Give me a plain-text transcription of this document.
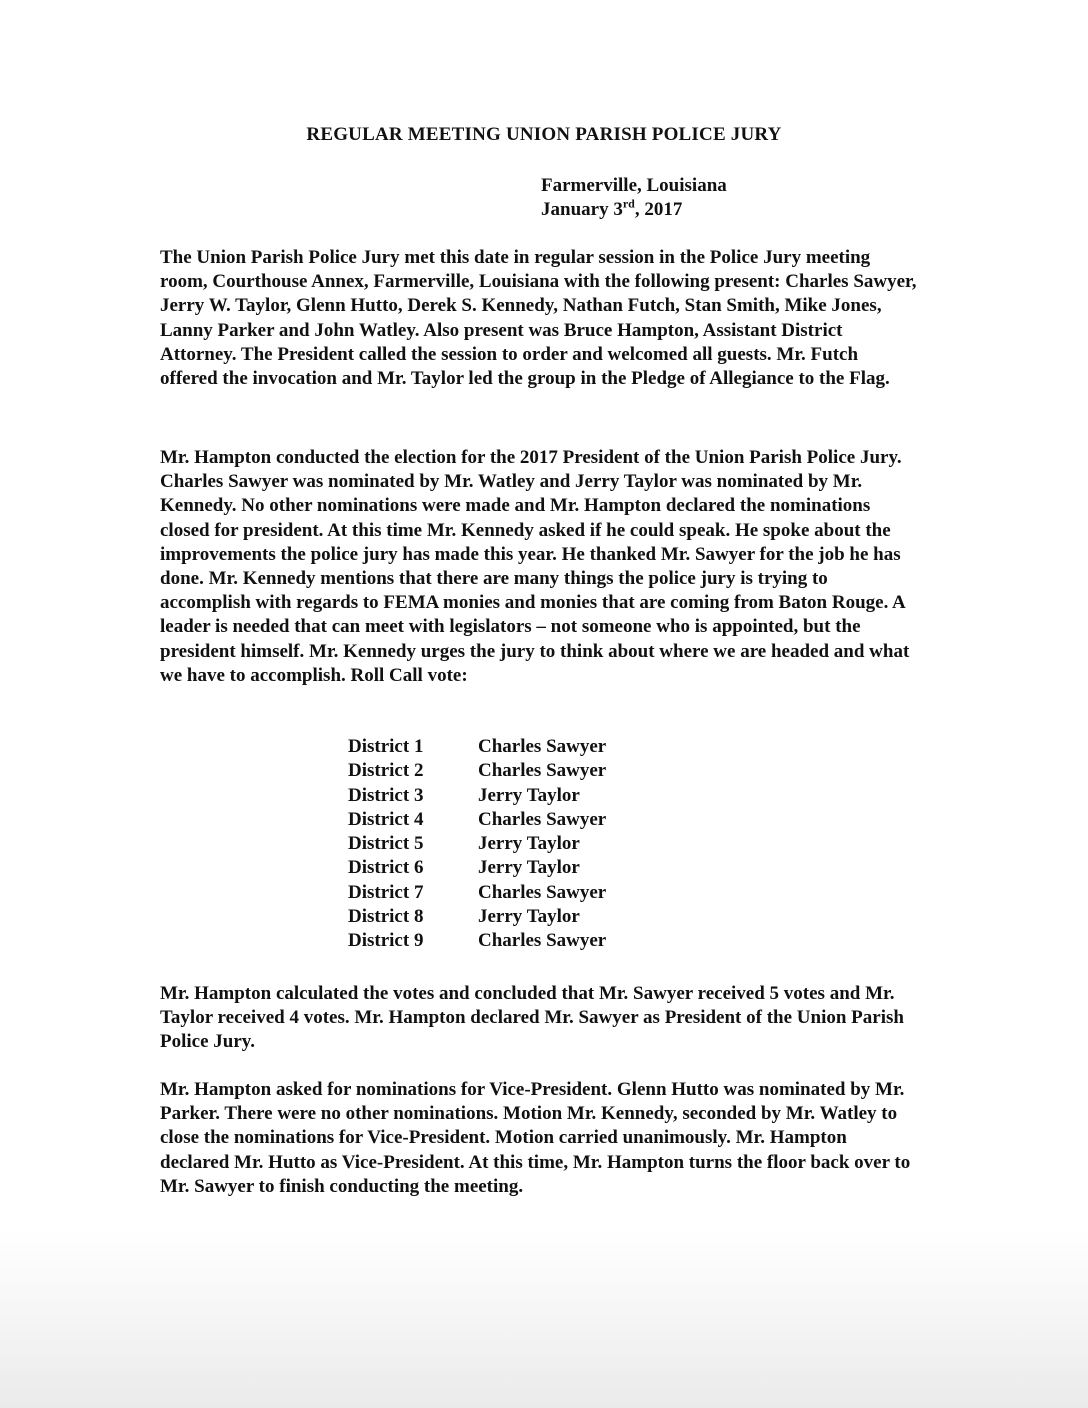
REGULAR MEETING UNION PARISH POLICE JURY
Farmerville, Louisiana
January 3rd, 2017

The Union Parish Police Jury met this date in regular session in the Police Jury meeting room, Courthouse Annex, Farmerville, Louisiana with the following present: Charles Sawyer, Jerry W. Taylor, Glenn Hutto, Derek S. Kennedy, Nathan Futch, Stan Smith, Mike Jones, Lanny Parker and John Watley. Also present was Bruce Hampton, Assistant District Attorney. The President called the session to order and welcomed all guests. Mr. Futch offered the invocation and Mr. Taylor led the group in the Pledge of Allegiance to the Flag.

Mr. Hampton conducted the election for the 2017 President of the Union Parish Police Jury. Charles Sawyer was nominated by Mr. Watley and Jerry Taylor was nominated by Mr. Kennedy. No other nominations were made and Mr. Hampton declared the nominations closed for president. At this time Mr. Kennedy asked if he could speak. He spoke about the improvements the police jury has made this year. He thanked Mr. Sawyer for the job he has done. Mr. Kennedy mentions that there are many things the police jury is trying to accomplish with regards to FEMA monies and monies that are coming from Baton Rouge. A leader is needed that can meet with legislators – not someone who is appointed, but the president himself. Mr. Kennedy urges the jury to think about where we are headed and what we have to accomplish. Roll Call vote:

District 1	Charles Sawyer
District 2	Charles Sawyer
District 3	Jerry Taylor
District 4	Charles Sawyer
District 5	Jerry Taylor
District 6	Jerry Taylor
District 7	Charles Sawyer
District 8	Jerry Taylor
District 9	Charles Sawyer

Mr. Hampton calculated the votes and concluded that Mr. Sawyer received 5 votes and Mr. Taylor received 4 votes. Mr. Hampton declared Mr. Sawyer as President of the Union Parish Police Jury.

Mr. Hampton asked for nominations for Vice-President. Glenn Hutto was nominated by Mr. Parker. There were no other nominations. Motion Mr. Kennedy, seconded by Mr. Watley to close the nominations for Vice-President. Motion carried unanimously. Mr. Hampton declared Mr. Hutto as Vice-President. At this time, Mr. Hampton turns the floor back over to Mr. Sawyer to finish conducting the meeting.
